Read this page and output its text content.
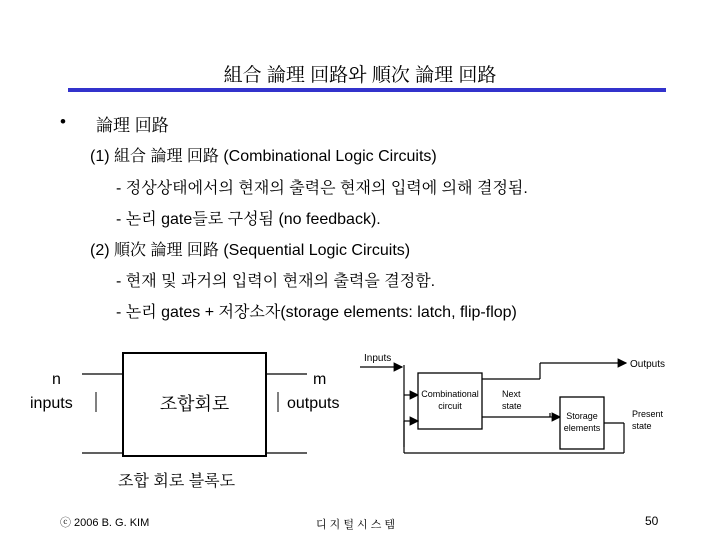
組合 論理 回路와 順次 論理 回路
• 論理 回路
(1) 組合 論理 回路 (Combinational Logic Circuits)
- 정상상태에서의 현재의 출력은 현재의 입력에 의해 결정됨.
- 논리 gate들로 구성됨 (no feedback).
(2) 順次 論理 回路 (Sequential Logic Circuits)
- 현재 및 과거의 입력이 현재의 출력을 결정함.
- 논리 gates + 저장소자(storage elements: latch, flip-flop)
조합회로
n
inputs
m
outputs
조합 회로 블록도
Inputs
Outputs
Combinational
circuit
Next
state
Storage
elements
Present
state
ⓒ 2006 B. G. KIM	디 지 털 시 스 템	50
